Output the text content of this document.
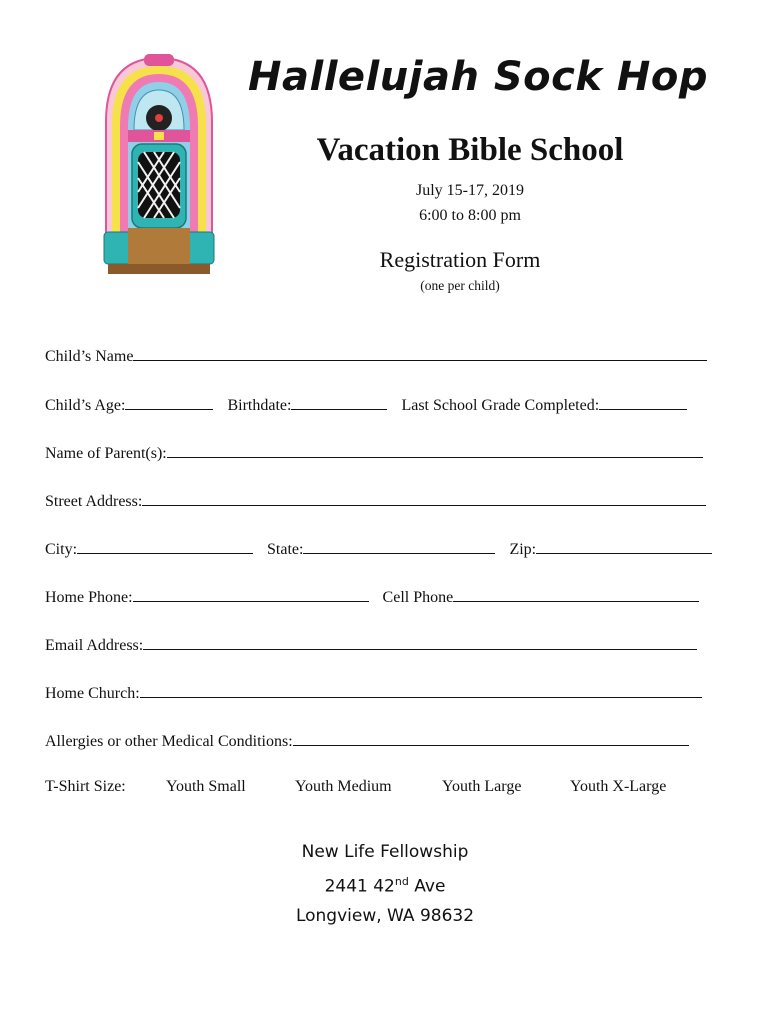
Hallelujah Sock Hop
Vacation Bible School
July 15-17, 2019
6:00 to 8:00 pm
Registration Form
(one per child)
Child’s Name
Child’s Age:	Birthdate:	Last School Grade Completed:
Name of Parent(s):
Street Address:
City:	State:	Zip:
Home Phone:	Cell Phone
Email Address:
Home Church:
Allergies or other Medical Conditions:
T-Shirt Size:	Youth Small	Youth Medium	Youth Large	Youth X-Large
New Life Fellowship
2441 42nd Ave
Longview, WA 98632
